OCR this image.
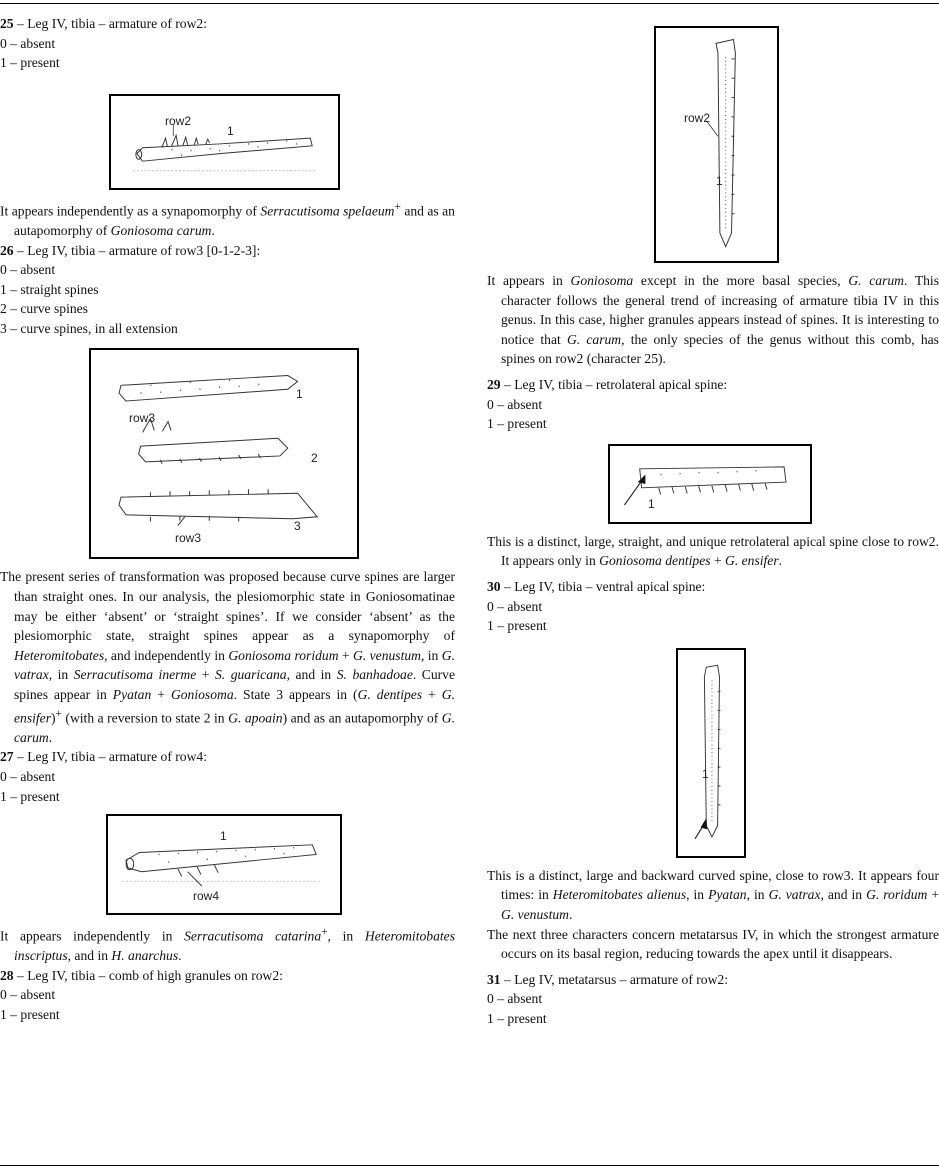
25 – Leg IV, tibia – armature of row2:

0 – absent

1 – present

row2
1

It appears independently as a synapomorphy of Serracutisoma spelaeum+ and as an autapomorphy of Goniosoma carum.

26 – Leg IV, tibia – armature of row3 [0-1-2-3]:

0 – absent

1 – straight spines

2 – curve spines

3 – curve spines, in all extension

1
row3
2
row3
3

The present series of transformation was proposed because curve spines are larger than straight ones. In our analysis, the plesiomorphic state in Goniosomatinae may be either ‘absent’ or ‘straight spines’. If we consider ‘absent’ as the plesiomorphic state, straight spines appear as a synapomorphy of Heteromitobates, and independently in Goniosoma roridum + G. venustum, in G. vatrax, in Serracutisoma inerme + S. guaricana, and in S. banhadoae. Curve spines appear in Pyatan + Goniosoma. State 3 appears in (G. dentipes + G. ensifer)+ (with a reversion to state 2 in G. apoain) and as an autapomorphy of G. carum.

27 – Leg IV, tibia – armature of row4:

0 – absent

1 – present

1
row4

It appears independently in Serracutisoma catarina+, in Heteromitobates inscriptus, and in H. anarchus.

28 – Leg IV, tibia – comb of high granules on row2:

0 – absent

1 – present

row2
1

It appears in Goniosoma except in the more basal species, G. carum. This character follows the general trend of increasing of armature tibia IV in this genus. In this case, higher granules appears instead of spines. It is interesting to notice that G. carum, the only species of the genus without this comb, has spines on row2 (character 25).

29 – Leg IV, tibia – retrolateral apical spine:

0 – absent

1 – present

1

This is a distinct, large, straight, and unique retrolateral apical spine close to row2. It appears only in Goniosoma dentipes + G. ensifer.

30 – Leg IV, tibia – ventral apical spine:

0 – absent

1 – present

1

This is a distinct, large and backward curved spine, close to row3. It appears four times: in Heteromitobates alienus, in Pyatan, in G. vatrax, and in G. roridum + G. venustum.

The next three characters concern metatarsus IV, in which the strongest armature occurs on its basal region, reducing towards the apex until it disappears.

31 – Leg IV, metatarsus – armature of row2:

0 – absent

1 – present
